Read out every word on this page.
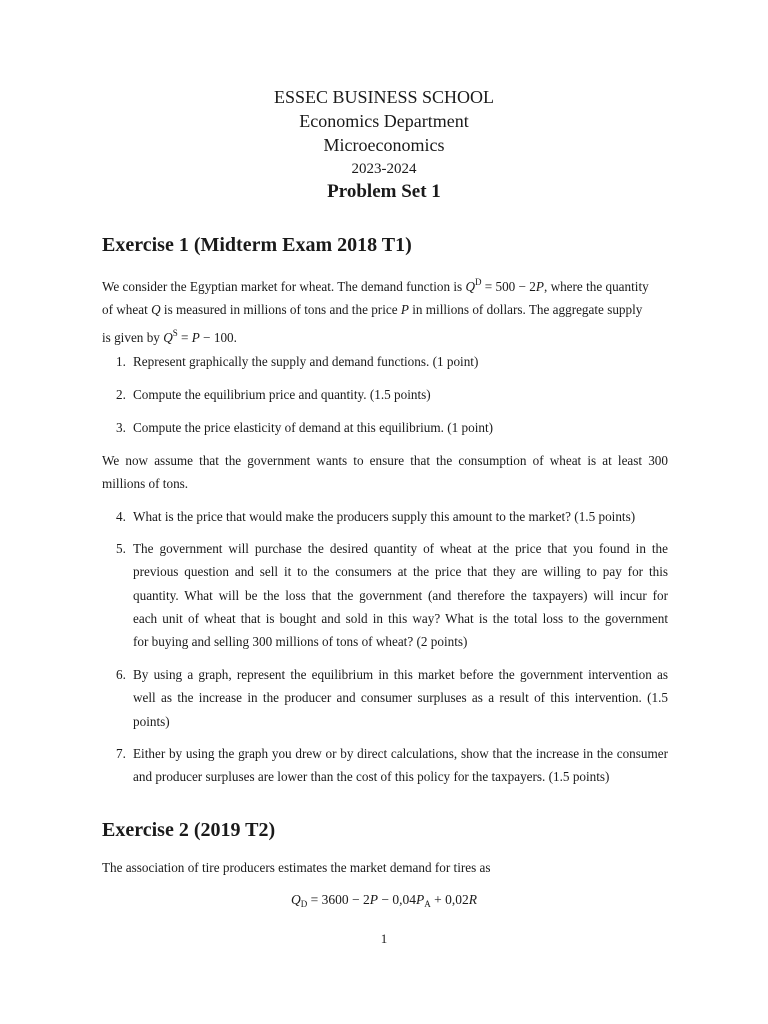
ESSEC BUSINESS SCHOOL
Economics Department
Microeconomics
2023-2024
Problem Set 1
Exercise 1 (Midterm Exam 2018 T1)
We consider the Egyptian market for wheat. The demand function is $Q^D = 500 - 2P$, where the quantity
of wheat Q is measured in millions of tons and the price P in millions of dollars. The aggregate supply
is given by $Q^S = P - 100$.
1. Represent graphically the supply and demand functions. (1 point)
2. Compute the equilibrium price and quantity. (1.5 points)
3. Compute the price elasticity of demand at this equilibrium. (1 point)
We now assume that the government wants to ensure that the consumption of wheat is at least 300
millions of tons.
4. What is the price that would make the producers supply this amount to the market? (1.5 points)
5. The government will purchase the desired quantity of wheat at the price that you found in the
previous question and sell it to the consumers at the price that they are willing to pay for this
quantity. What will be the loss that the government (and therefore the taxpayers) will incur for
each unit of wheat that is bought and sold in this way? What is the total loss to the government
for buying and selling 300 millions of tons of wheat? (2 points)
6. By using a graph, represent the equilibrium in this market before the government intervention as
well as the increase in the producer and consumer surpluses as a result of this intervention. (1.5
points)
7. Either by using the graph you drew or by direct calculations, show that the increase in the consumer
and producer surpluses are lower than the cost of this policy for the taxpayers. (1.5 points)
Exercise 2 (2019 T2)
The association of tire producers estimates the market demand for tires as
$Q_D = 3600 - 2P - 0,04P_A + 0,02R$
1
